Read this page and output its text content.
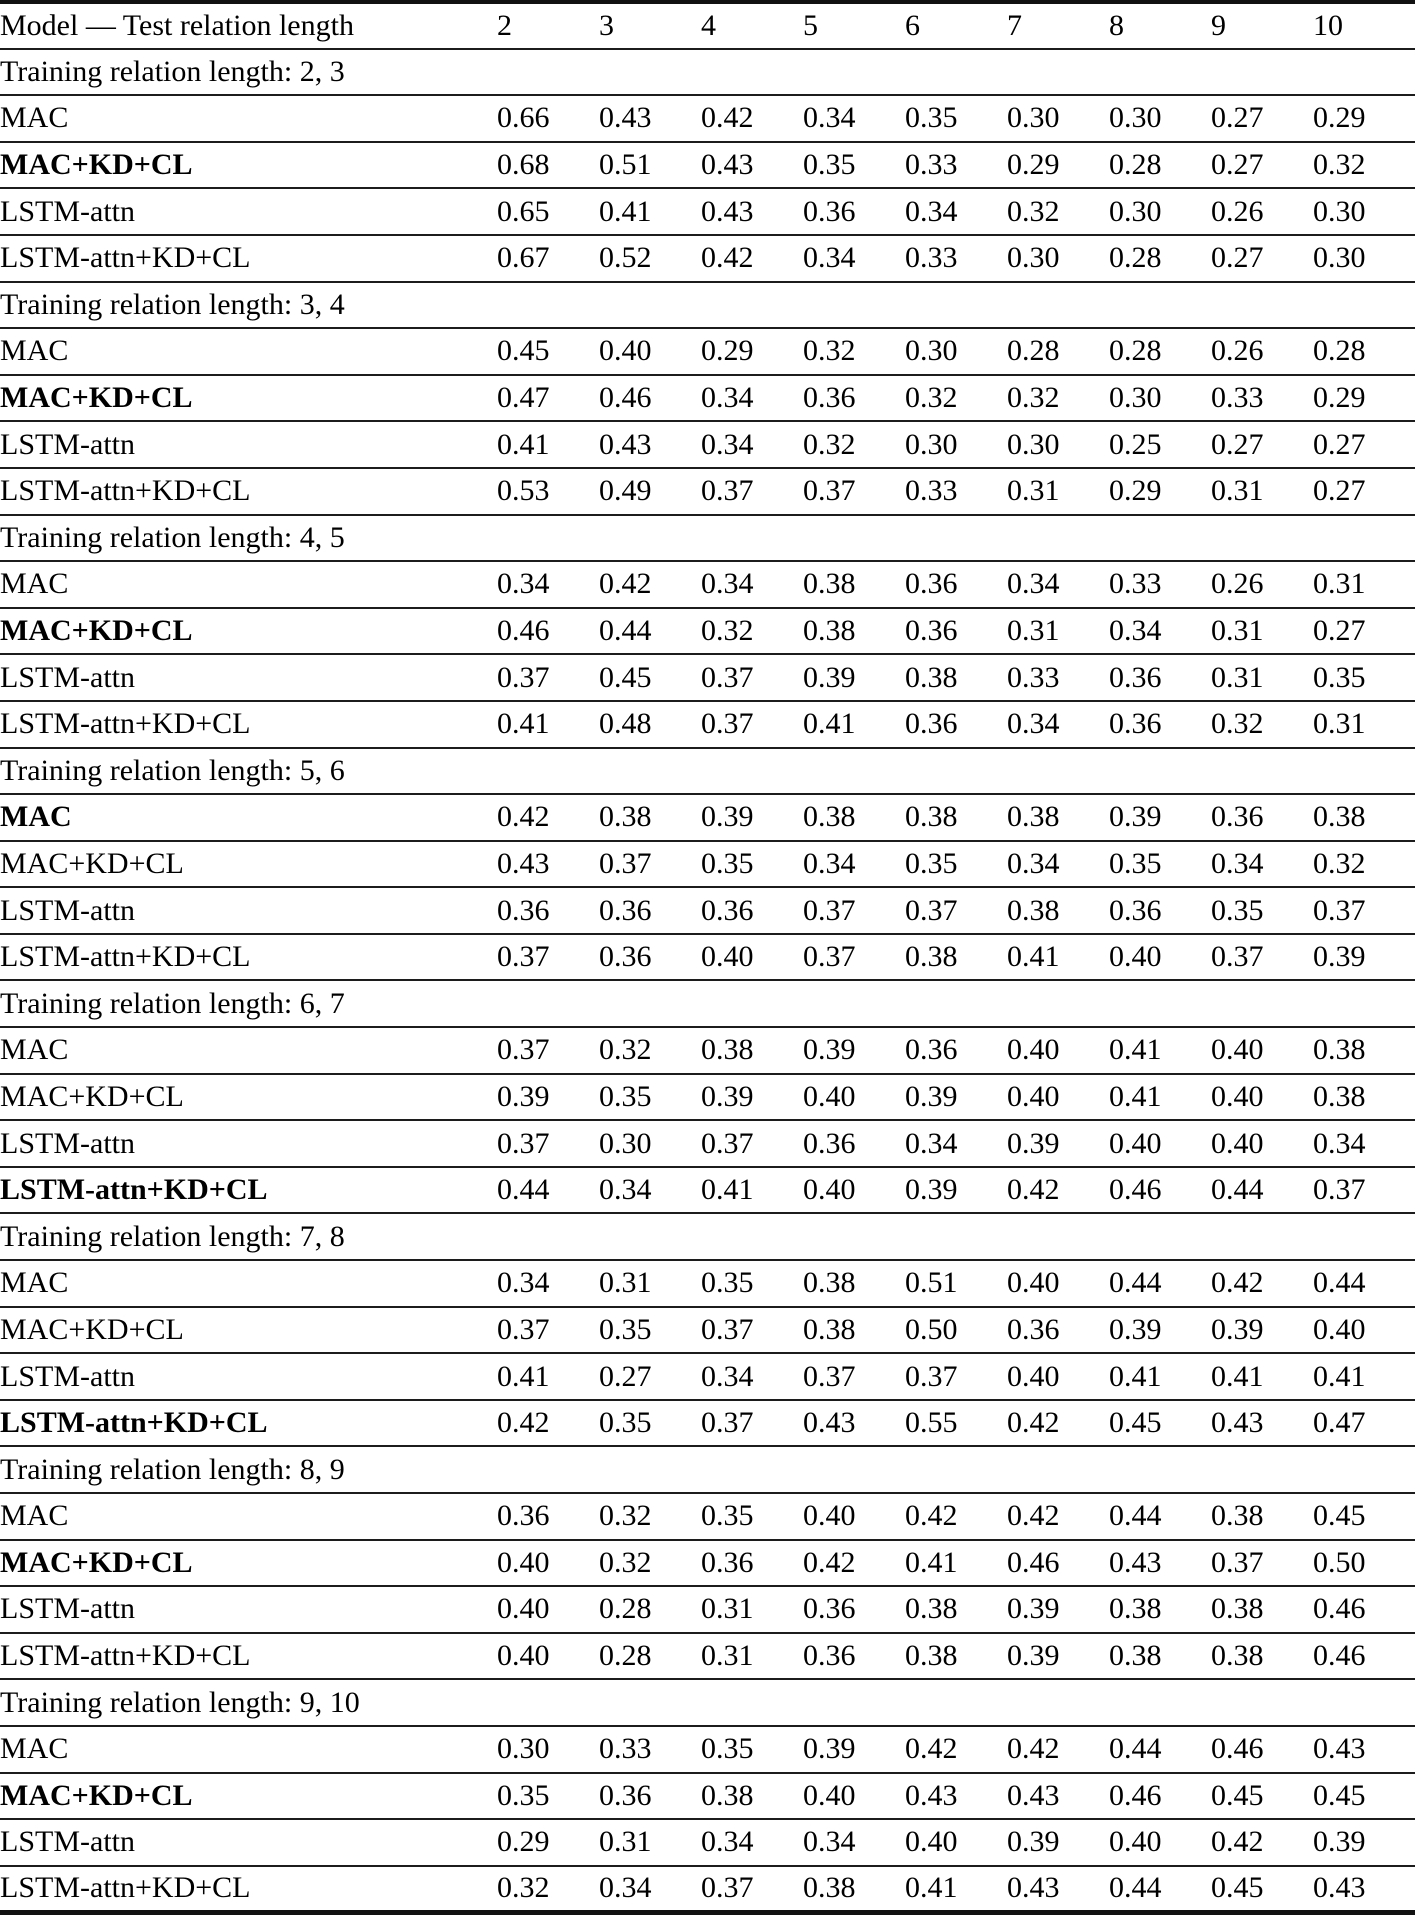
Model — Test relation length	2	3	4	5	6	7	8	9	10
Training relation length: 2, 3									
MAC	0.66	0.43	0.42	0.34	0.35	0.30	0.30	0.27	0.29
MAC+KD+CL	0.68	0.51	0.43	0.35	0.33	0.29	0.28	0.27	0.32
LSTM-attn	0.65	0.41	0.43	0.36	0.34	0.32	0.30	0.26	0.30
LSTM-attn+KD+CL	0.67	0.52	0.42	0.34	0.33	0.30	0.28	0.27	0.30
Training relation length: 3, 4									
MAC	0.45	0.40	0.29	0.32	0.30	0.28	0.28	0.26	0.28
MAC+KD+CL	0.47	0.46	0.34	0.36	0.32	0.32	0.30	0.33	0.29
LSTM-attn	0.41	0.43	0.34	0.32	0.30	0.30	0.25	0.27	0.27
LSTM-attn+KD+CL	0.53	0.49	0.37	0.37	0.33	0.31	0.29	0.31	0.27
Training relation length: 4, 5									
MAC	0.34	0.42	0.34	0.38	0.36	0.34	0.33	0.26	0.31
MAC+KD+CL	0.46	0.44	0.32	0.38	0.36	0.31	0.34	0.31	0.27
LSTM-attn	0.37	0.45	0.37	0.39	0.38	0.33	0.36	0.31	0.35
LSTM-attn+KD+CL	0.41	0.48	0.37	0.41	0.36	0.34	0.36	0.32	0.31
Training relation length: 5, 6									
MAC	0.42	0.38	0.39	0.38	0.38	0.38	0.39	0.36	0.38
MAC+KD+CL	0.43	0.37	0.35	0.34	0.35	0.34	0.35	0.34	0.32
LSTM-attn	0.36	0.36	0.36	0.37	0.37	0.38	0.36	0.35	0.37
LSTM-attn+KD+CL	0.37	0.36	0.40	0.37	0.38	0.41	0.40	0.37	0.39
Training relation length: 6, 7									
MAC	0.37	0.32	0.38	0.39	0.36	0.40	0.41	0.40	0.38
MAC+KD+CL	0.39	0.35	0.39	0.40	0.39	0.40	0.41	0.40	0.38
LSTM-attn	0.37	0.30	0.37	0.36	0.34	0.39	0.40	0.40	0.34
LSTM-attn+KD+CL	0.44	0.34	0.41	0.40	0.39	0.42	0.46	0.44	0.37
Training relation length: 7, 8									
MAC	0.34	0.31	0.35	0.38	0.51	0.40	0.44	0.42	0.44
MAC+KD+CL	0.37	0.35	0.37	0.38	0.50	0.36	0.39	0.39	0.40
LSTM-attn	0.41	0.27	0.34	0.37	0.37	0.40	0.41	0.41	0.41
LSTM-attn+KD+CL	0.42	0.35	0.37	0.43	0.55	0.42	0.45	0.43	0.47
Training relation length: 8, 9									
MAC	0.36	0.32	0.35	0.40	0.42	0.42	0.44	0.38	0.45
MAC+KD+CL	0.40	0.32	0.36	0.42	0.41	0.46	0.43	0.37	0.50
LSTM-attn	0.40	0.28	0.31	0.36	0.38	0.39	0.38	0.38	0.46
LSTM-attn+KD+CL	0.40	0.28	0.31	0.36	0.38	0.39	0.38	0.38	0.46
Training relation length: 9, 10									
MAC	0.30	0.33	0.35	0.39	0.42	0.42	0.44	0.46	0.43
MAC+KD+CL	0.35	0.36	0.38	0.40	0.43	0.43	0.46	0.45	0.45
LSTM-attn	0.29	0.31	0.34	0.34	0.40	0.39	0.40	0.42	0.39
LSTM-attn+KD+CL	0.32	0.34	0.37	0.38	0.41	0.43	0.44	0.45	0.43
